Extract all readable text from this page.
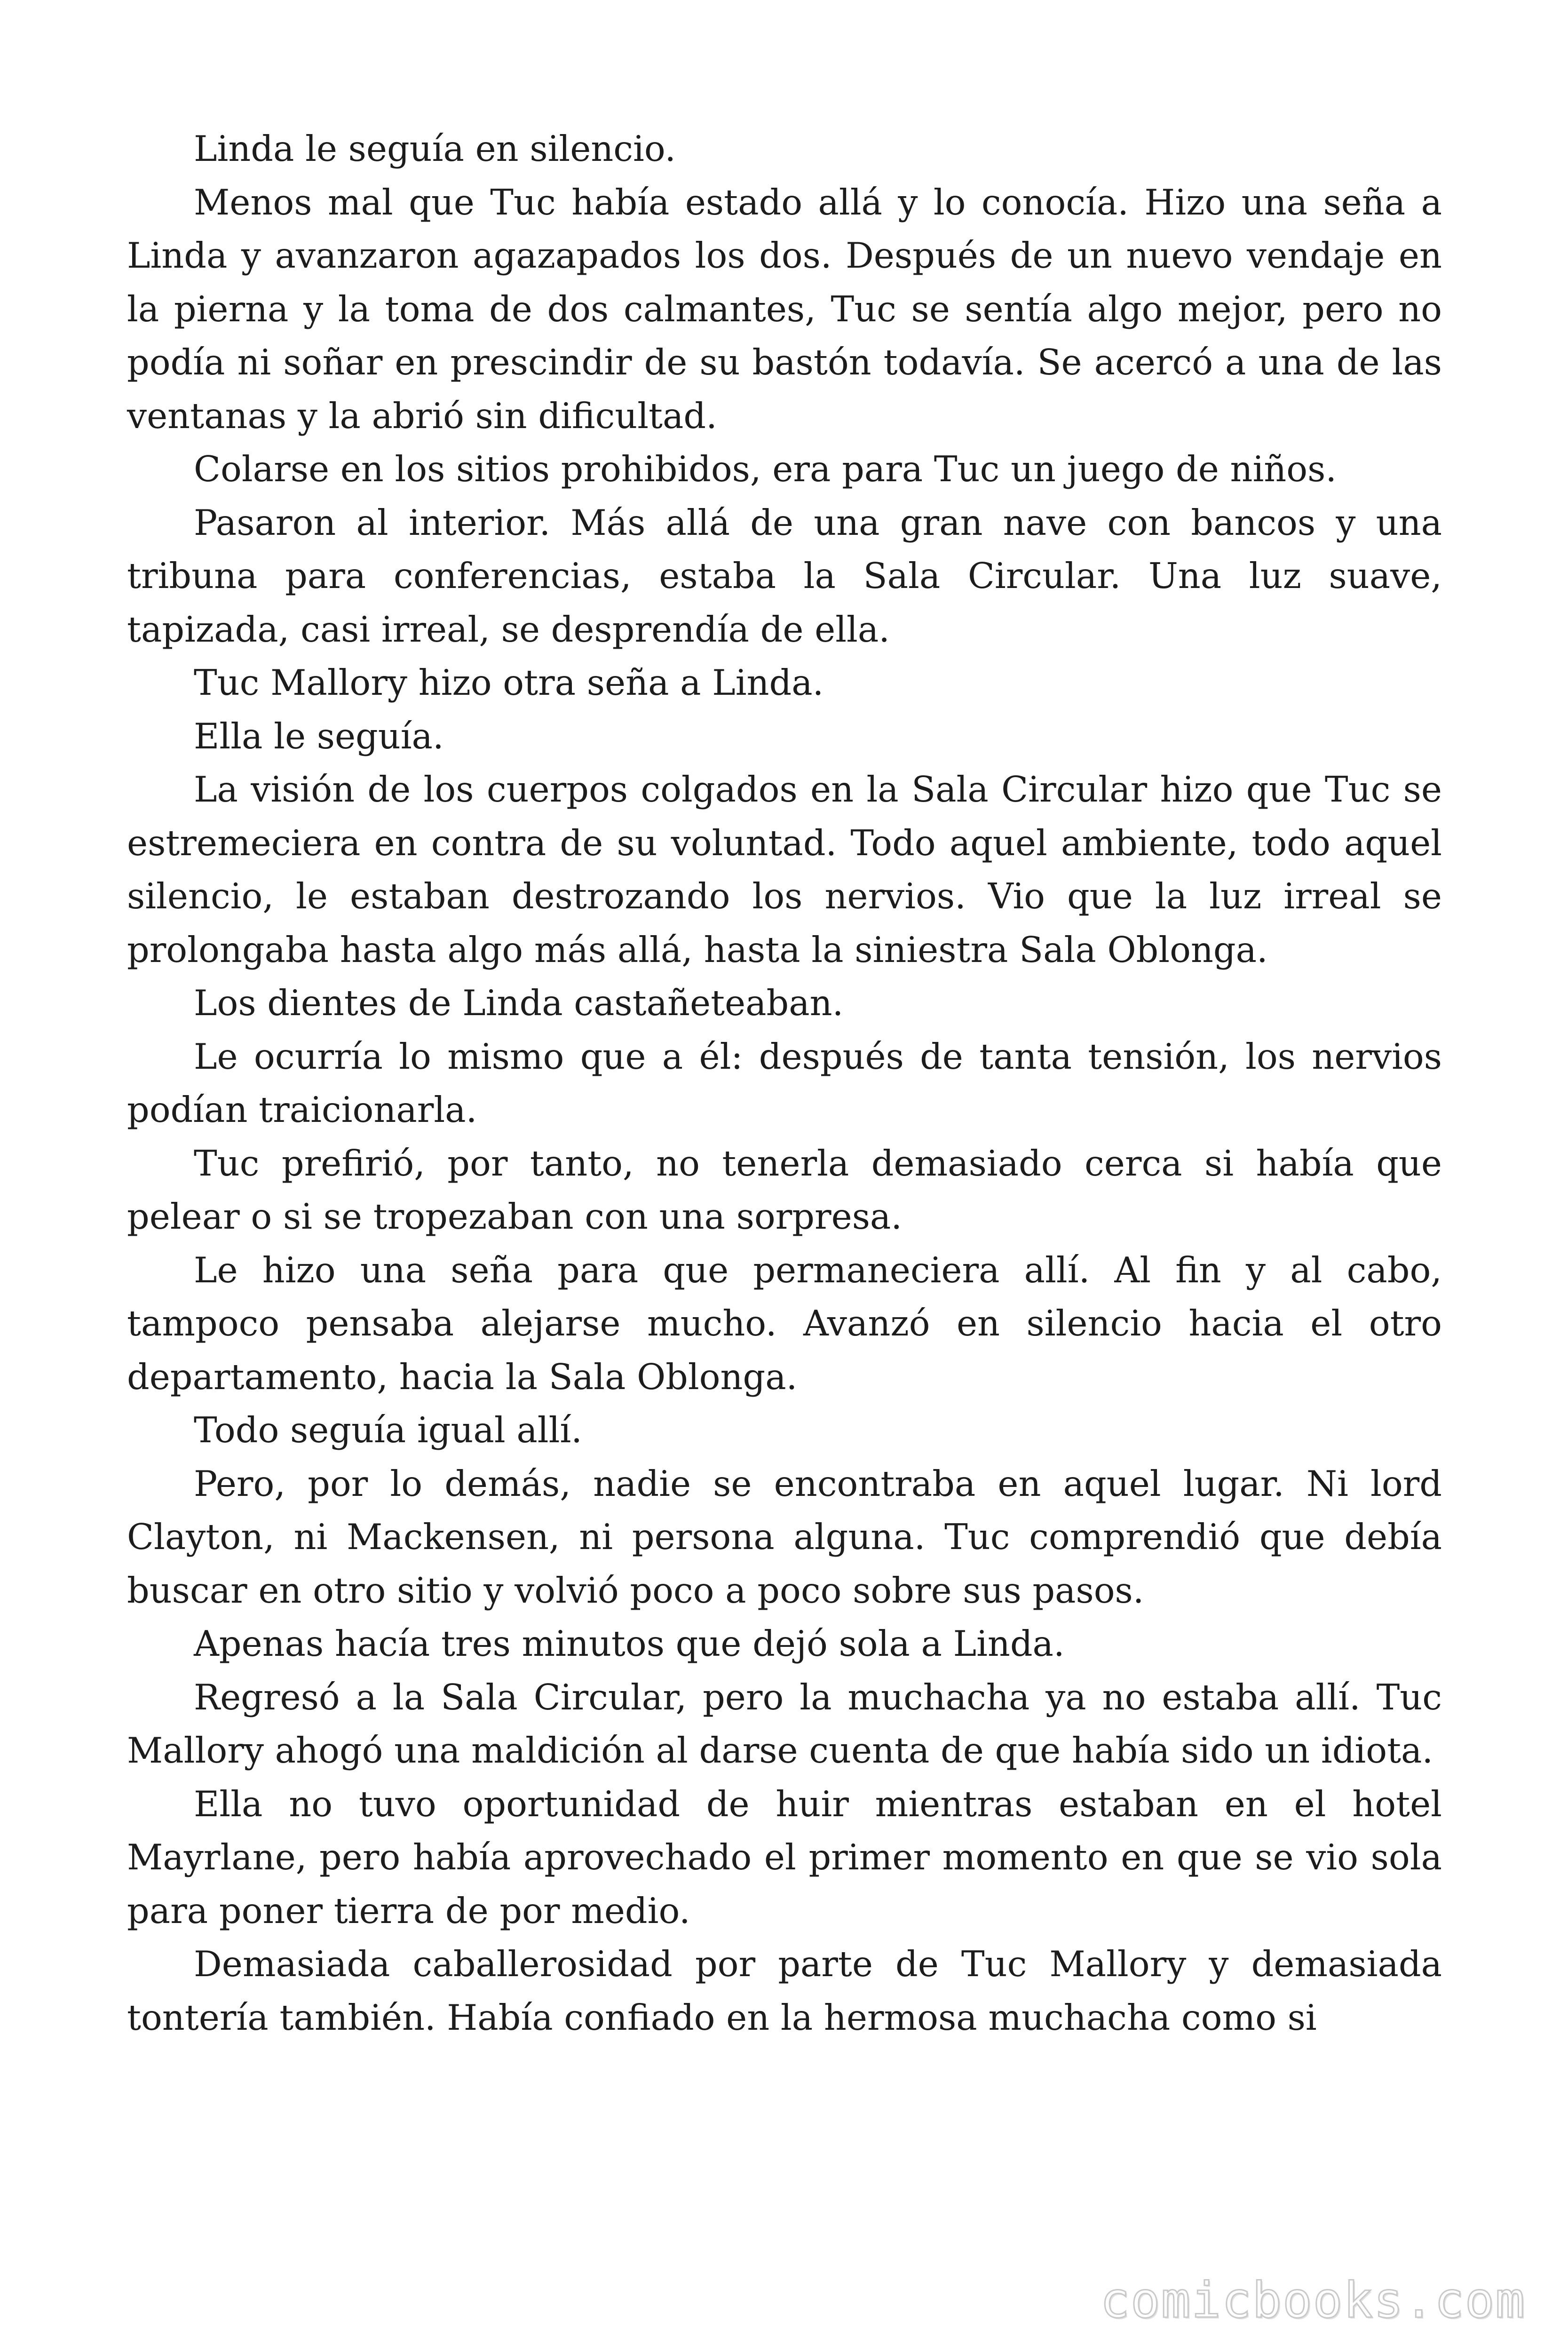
Linda le seguía en silencio.

Menos mal que Tuc había estado allá y lo conocía. Hizo una seña a Linda y avanzaron agazapados los dos. Después de un nuevo vendaje en la pierna y la toma de dos calmantes, Tuc se sentía algo mejor, pero no podía ni soñar en prescindir de su bastón todavía. Se acercó a una de las ventanas y la abrió sin dificultad.

Colarse en los sitios prohibidos, era para Tuc un juego de niños.

Pasaron al interior. Más allá de una gran nave con bancos y una tribuna para conferencias, estaba la Sala Circular. Una luz suave, tapizada, casi irreal, se desprendía de ella.

Tuc Mallory hizo otra seña a Linda.

Ella le seguía.

La visión de los cuerpos colgados en la Sala Circular hizo que Tuc se estremeciera en contra de su voluntad. Todo aquel ambiente, todo aquel silencio, le estaban destrozando los nervios. Vio que la luz irreal se prolongaba hasta algo más allá, hasta la siniestra Sala Oblonga.

Los dientes de Linda castañeteaban.

Le ocurría lo mismo que a él: después de tanta tensión, los nervios podían traicionarla.

Tuc prefirió, por tanto, no tenerla demasiado cerca si había que pelear o si se tropezaban con una sorpresa.

Le hizo una seña para que permaneciera allí. Al fin y al cabo, tampoco pensaba alejarse mucho. Avanzó en silencio hacia el otro departamento, hacia la Sala Oblonga.

Todo seguía igual allí.

Pero, por lo demás, nadie se encontraba en aquel lugar. Ni lord Clayton, ni Mackensen, ni persona alguna. Tuc comprendió que debía buscar en otro sitio y volvió poco a poco sobre sus pasos.

Apenas hacía tres minutos que dejó sola a Linda.

Regresó a la Sala Circular, pero la muchacha ya no estaba allí. Tuc Mallory ahogó una maldición al darse cuenta de que había sido un idiota.

Ella no tuvo oportunidad de huir mientras estaban en el hotel Mayrlane, pero había aprovechado el primer momento en que se vio sola para poner tierra de por medio.

Demasiada caballerosidad por parte de Tuc Mallory y demasiada tontería también. Había confiado en la hermosa muchacha como si

comicbooks.com
